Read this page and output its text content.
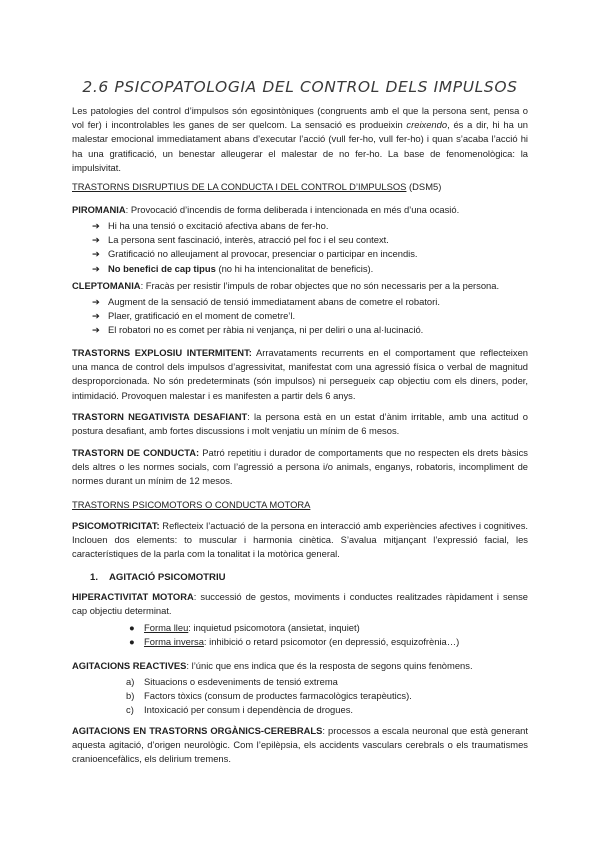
2.6 PSICOPATOLOGIA DEL CONTROL DELS IMPULSOS
Les patologies del control d’impulsos són egosintòniques (congruents amb el que la persona sent, pensa o vol fer) i incontrolables les ganes de ser quelcom. La sensació es produeixin creixendo, és a dir, hi ha un malestar emocional immediatament abans d’executar l’acció (vull fer-ho, vull fer-ho) i quan s’acaba l’acció hi ha una gratificació, un benestar alleugerar el malestar de no fer-ho. La base de fenomenològica: la impulsivitat.
TRASTORNS DISRUPTIUS DE LA CONDUCTA I DEL CONTROL D’IMPULSOS (DSM5)
PIROMANIA: Provocació d’incendis de forma deliberada i intencionada en més d’una ocasió.
➔ Hi ha una tensió o excitació afectiva abans de fer-ho.
➔ La persona sent fascinació, interès, atracció pel foc i el seu context.
➔ Gratificació no alleujament al provocar, presenciar o participar en incendis.
➔ No benefici de cap tipus (no hi ha intencionalitat de beneficis).
CLEPTOMANIA: Fracàs per resistir l’impuls de robar objectes que no són necessaris per a la persona.
➔ Augment de la sensació de tensió immediatament abans de cometre el robatori.
➔ Plaer, gratificació en el moment de cometre’l.
➔ El robatori no es comet per ràbia ni venjança, ni per deliri o una al·lucinació.
TRASTORNS EXPLOSIU INTERMITENT: Arravataments recurrents en el comportament que reflecteixen una manca de control dels impulsos d’agressivitat, manifestat com una agressió física o verbal de magnitud desproporcionada. No són predeterminats (són impulsos) ni persegueix cap objectiu com els diners, poder, intimidació. Provoquen malestar i es manifesten a partir dels 6 anys.
TRASTORN NEGATIVISTA DESAFIANT: la persona està en un estat d’ànim irritable, amb una actitud o postura desafiant, amb fortes discussions i molt venjatiu un mínim de 6 mesos.
TRASTORN DE CONDUCTA: Patró repetitiu i durador de comportaments que no respecten els drets bàsics dels altres o les normes socials, com l’agressió a persona i/o animals, enganys, robatoris, incompliment de normes durant un mínim de 12 mesos.
TRASTORNS PSICOMOTORS O CONDUCTA MOTORA
PSICOMOTRICITAT: Reflecteix l’actuació de la persona en interacció amb experiències afectives i cognitives. Inclouen dos elements: to muscular i harmonia cinètica. S’avalua mitjançant l’expressió facial, les característiques de la parla com la tonalitat i la motòrica general.
1. AGITACIÓ PSICOMOTRIU
HIPERACTIVITAT MOTORA: successió de gestos, moviments i conductes realitzades ràpidament i sense cap objectiu determinat.
● Forma lleu: inquietud psicomotora (ansietat, inquiet)
● Forma inversa: inhibició o retard psicomotor (en depressió, esquizofrènia…)
AGITACIONS REACTIVES: l’únic que ens indica que és la resposta de segons quins fenòmens.
a) Situacions o esdeveniments de tensió extrema
b) Factors tòxics (consum de productes farmacològics terapèutics).
c) Intoxicació per consum i dependència de drogues.
AGITACIONS EN TRASTORNS ORGÀNICS-CEREBRALS: processos a escala neuronal que està generant aquesta agitació, d’origen neurològic. Com l’epilèpsia, els accidents vasculars cerebrals o els traumatismes cranioencefàlics, els delirium tremens.
